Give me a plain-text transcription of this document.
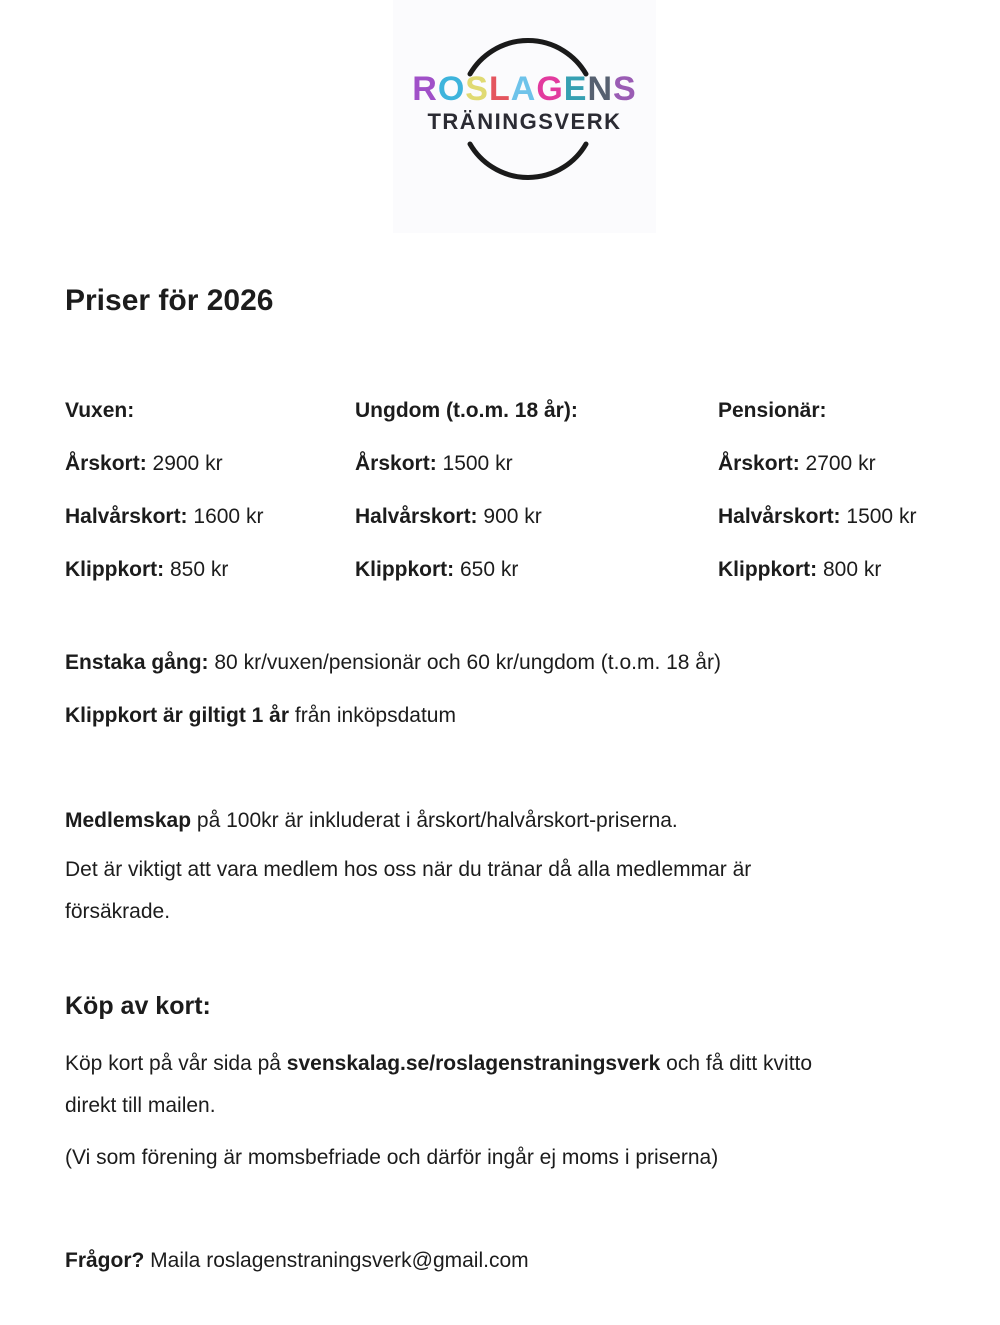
ROSLAGENS
TRÄNINGSVERK
Priser för 2026
Vuxen:

Årskort: 2900 kr

Halvårskort: 1600 kr

Klippkort: 850 kr

Ungdom (t.o.m. 18 år):

Årskort: 1500 kr

Halvårskort: 900 kr

Klippkort: 650 kr

Pensionär:

Årskort: 2700 kr

Halvårskort: 1500 kr

Klippkort: 800 kr

Enstaka gång: 80 kr/vuxen/pensionär och 60 kr/ungdom (t.o.m. 18 år)

Klippkort är giltigt 1 år från inköpsdatum

Medlemskap på 100kr är inkluderat i årskort/halvårskort-priserna.

Det är viktigt att vara medlem hos oss när du tränar då alla medlemmar är
försäkrade.

Köp av kort:

Köp kort på vår sida på svenskalag.se/roslagenstraningsverk och få ditt kvitto
direkt till mailen.

(Vi som förening är momsbefriade och därför ingår ej moms i priserna)

Frågor? Maila roslagenstraningsverk@gmail.com
